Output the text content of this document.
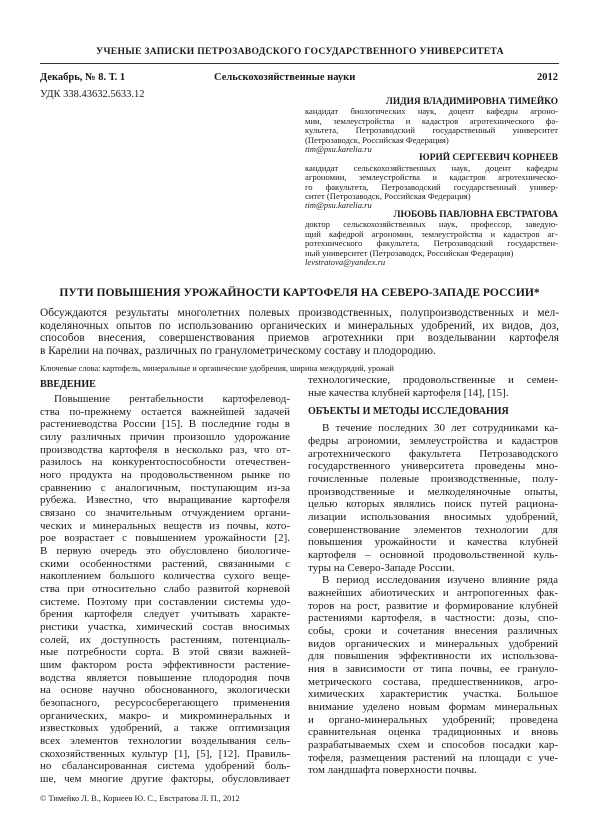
УЧЕНЫЕ ЗАПИСКИ ПЕТРОЗАВОДСКОГО ГОСУДАРСТВЕННОГО УНИВЕРСИТЕТА
Декабрь, № 8. Т. 1	Сельскохозяйственные науки	2012
УДК 338.43632.5633.12
ЛИДИЯ ВЛАДИМИРОВНА ТИМЕЙКО
кандидат биологических наук, доцент кафедры агроно-
мии, землеустройства и кадастров агротехнического фа-
культета, Петрозаводский государственный университет
(Петрозаводск, Российская Федерация)
tim@psu.karelia.ru
ЮРИЙ СЕРГЕЕВИЧ КОРНЕЕВ
кандидат сельскохозяйственных наук, доцент кафедры
агрономии, землеустройства и кадастров агротехническо-
го факультета, Петрозаводский государственный универ-
ситет (Петрозаводск, Российская Федерация)
tim@psu.karelia.ru
ЛЮБОВЬ ПАВЛОВНА ЕВСТРАТОВА
доктор сельскохозяйственных наук, профессор, заведую-
щий кафедрой агрономии, землеустройства и кадастров аг-
ротехнического факультета, Петрозаводский государствен-
ный университет (Петрозаводск, Российская Федерация)
levstratova@yandex.ru
ПУТИ ПОВЫШЕНИЯ УРОЖАЙНОСТИ КАРТОФЕЛЯ НА СЕВЕРО-ЗАПАДЕ РОССИИ*
Обсуждаются результаты многолетних полевых производственных, полупроизводственных и мел-
коделяночных опытов по использованию органических и минеральных удобрений, их видов, доз,
способов внесения, совершенствования приемов агротехники при возделывании картофеля
в Карелии на почвах, различных по гранулометрическому составу и плодородию.
Ключевые слова: картофель, минеральные и органические удобрения, ширина междурядий, урожай
ВВЕДЕНИЕ
Повышение рентабельности картофелевод-
ства по-прежнему остается важнейшей задачей
растениеводства России [15]. В последние годы в
силу различных причин произошло удорожание
производства картофеля в несколько раз, что от-
разилось на конкурентоспособности отечествен-
ного продукта на продовольственном рынке по
сравнению с аналогичным, поступающим из-за
рубежа. Известно, что выращивание картофеля
связано со значительным отчуждением органи-
ческих и минеральных веществ из почвы, кото-
рое возрастает с повышением урожайности [2].
В первую очередь это обусловлено биологиче-
скими особенностями растений, связанными с
накоплением большого количества сухого веще-
ства при относительно слабо развитой корневой
системе. Поэтому при составлении системы удо-
брения картофеля следует учитывать характе-
ристики участка, химический состав вносимых
солей, их доступность растениям, потенциаль-
ные потребности сорта. В этой связи важней-
шим фактором роста эффективности растение-
водства является повышение плодородия почв
на основе научно обоснованного, экологически
безопасного, ресурсосберегающего применения
органических, макро- и микроминеральных и
известковых удобрений, а также оптимизация
всех элементов технологии возделывания сель-
скохозяйственных культур [1], [5], [12]. Правиль-
но сбалансированная система удобрений боль-
ше, чем многие другие факторы, обусловливает
технологические, продовольственные и семен-
ные качества клубней картофеля [14], [15].
ОБЪЕКТЫ И МЕТОДЫ ИССЛЕДОВАНИЯ
В течение последних 30 лет сотрудниками ка-
федры агрономии, землеустройства и кадастров
агротехнического факультета Петрозаводского
государственного университета проведены мно-
гочисленные полевые производственные, полу-
производственные и мелкоделяночные опыты,
целью которых являлись поиск путей рациона-
лизации использования вносимых удобрений,
совершенствование элементов технологии для
повышения урожайности и качества клубней
картофеля – основной продовольственной куль-
туры на Северо-Западе России.
В период исследования изучено влияние ряда
важнейших абиотических и антропогенных фак-
торов на рост, развитие и формирование клубней
растениями картофеля, в частности: дозы, спо-
собы, сроки и сочетания внесения различных
видов органических и минеральных удобрений
для повышения эффективности их использова-
ния в зависимости от типа почвы, ее грануло-
метрического состава, предшественников, агро-
химических характеристик участка. Большое
внимание уделено новым формам минеральных
и органо-минеральных удобрений; проведена
сравнительная оценка традиционных и вновь
разрабатываемых схем и способов посадки кар-
тофеля, размещения растений на площади с уче-
том ландшафта поверхности почвы.
© Тимейко Л. В., Корнеев Ю. С., Евстратова Л. П., 2012
